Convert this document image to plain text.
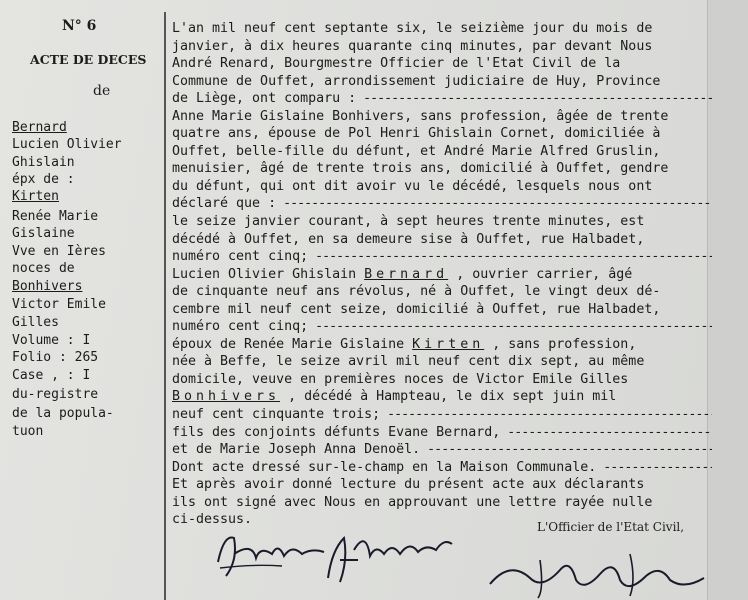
N° 6
ACTE DE DECES
de
Bernard
Lucien Olivier
Ghislain
épx de :
Kirten
Renée Marie
Gislaine
Vve en Ières
noces de
Bonhivers
Victor Emile
Gilles
Volume : I
Folio : 265
Case , : I
du-registre
de la popula-
tuon
L'an mil neuf cent septante six, le seizième jour du mois de
janvier, à dix heures quarante cinq minutes, par devant Nous
André Renard, Bourgmestre Officier de l'Etat Civil de la
Commune de Ouffet, arrondissement judiciaire de Huy, Province
de Liège, ont comparu : -----
Anne Marie Gislaine Bonhivers, sans profession, âgée de trente
quatre ans, épouse de Pol Henri Ghislain Cornet, domiciliée à
Ouffet, belle-fille du défunt, et André Marie Alfred Gruslin,
menuisier, âgé de trente trois ans, domicilié à Ouffet, gendre
du défunt, qui ont dit avoir vu le décédé, lesquels nous ont
déclaré que : -----
le seize janvier courant, à sept heures trente minutes, est
décédé à Ouffet, en sa demeure sise à Ouffet, rue Halbadet,
numéro cent cinq; -----
Lucien Olivier Ghislain Bernard , ouvrier carrier, âgé
de cinquante neuf ans révolus, né à Ouffet, le vingt deux dé-
cembre mil neuf cent seize, domicilié à Ouffet, rue Halbadet,
numéro cent cinq; -----
époux de Renée Marie Gislaine Kirten , sans profession,
née à Beffe, le seize avril mil neuf cent dix sept, au même
domicile, veuve en premières noces de Victor Emile Gilles
Bonhivers , décédé à Hampteau, le dix sept juin mil
neuf cent cinquante trois; -----
fils des conjoints défunts Evane Bernard, -----
et de Marie Joseph Anna Denoël. -----
Dont acte dressé sur-le-champ en la Maison Communale. -----
Et après avoir donné lecture du présent acte aux déclarants
ils ont signé avec Nous en approuvant une lettre rayée nulle
ci-dessus.	L'Officier de l'Etat Civil,
